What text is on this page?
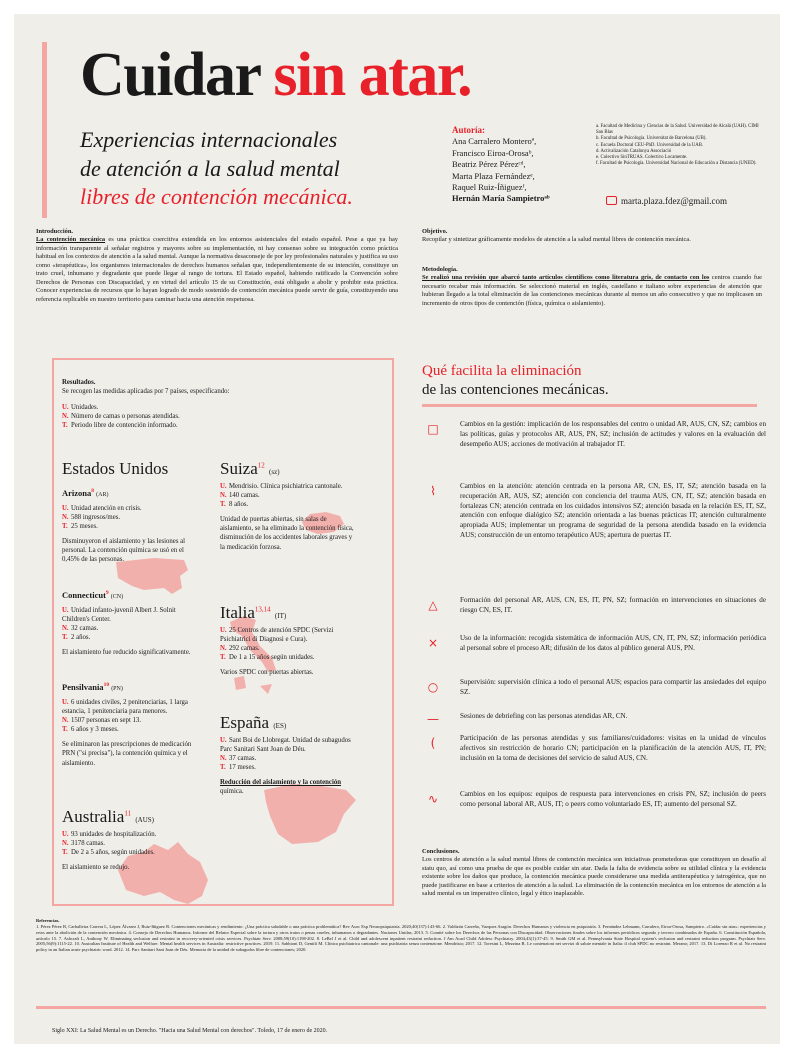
Cuidar sin atar.
Experiencias internacionales
de atención a la salud mental
libres de contención mecánica.
Autoría:
Ana Carralero Monteroª,
Francisco Eiroa-Orosaᵇ,
Beatriz Pérez Pérezᶜᵈ,
Marta Plaza Fernándezᵉ,
Raquel Ruiz-Íñiguezᶠ,
Hernán María Sampietroᵃᵇ
a. Facultad de Medicina y Ciencias de la Salud. Universidad de Alcalá (UAH). CIMI San Blas
b. Facultad de Psicología. Universitat de Barcelona (UB).
c. Escuela Doctoral CEU-PhD. Universidad de la UAB.
d. Activalización Catalunya Associació
e. Colectivo SinTRUAS. Colectivo Locamente.
f. Facultad de Psicología. Universidad Nacional de Educación a Distancia (UNED).
marta.plaza.fdez@gmail.com
Introducción.
La contención mecánica es una práctica coercitiva extendida en los entornos asistenciales del estado español. Pese a que ya hay información transparente al señalar registros y mayores sobre su implementación, ni hay consenso sobre su integración como práctica habitual en los contextos de atención a la salud mental. Aunque la normativa desaconseje de por ley profesionales naturales y justifica su uso como «terapéutica», los organismos internacionales de derechos humanos señalan que, independientemente de su intención, constituye un trato cruel, inhumano y degradante que puede llegar al rango de tortura. El Estado español, habiendo ratificado la Convención sobre Derechos de Personas con Discapacidad, y en virtud del artículo 15 de su Constitución, está obligado a abolir y prohibir esta práctica. Conocer experiencias de recursos que lo hayan logrado de modo sostenido de contención mecánica puede servir de guía, constituyendo una referencia replicable en nuestro territorio para caminar hacia una atención respetuosa.
Objetivo.
Recopilar y sintetizar gráficamente modelos de atención a la salud mental libres de contención mecánica.
Metodología.
Se realizó una revisión que abarcó tanto artículos científicos como literatura gris, de contacto con los centros cuando fue necesario recabar más información. Se seleccionó material en inglés, castellano e italiano sobre experiencias de atención que hubieran llegado a la total eliminación de las contenciones mecánicas durante al menos un año consecutivo y que no implicasen un incremento de otros tipos de contención (física, química o aislamiento).
Resultados.
Se recogen las medidas aplicadas por 7 países, especificando:
U. Unidades.
N. Número de camas o personas atendidas.
T. Periodo libre de contención informado.
Estados Unidos
Arizona$^8$ (AR)
U. Unidad atención en crisis.
N. 588 ingresos/mes.
T. 25 meses.
Disminuyeron el aislamiento y las lesiones al personal. La contención química se usó en el 0,45% de las personas.
Connecticut$^9$ (CN)
U. Unidad infanto-juvenil Albert J. Solnit Children's Center.
N. 32 camas.
T. 2 años.
El aislamiento fue reducido significativamente.
Pensilvania$^{10}$ (PN)
U. 6 unidades civiles, 2 penitenciarias, 1 larga estancia, 1 penitenciaria para menores.
N. 1507 personas en sept 13.
T. 6 años y 3 meses.
Se eliminaron las prescripciones de medicación PRN ("si precisa"), la contención química y el aislamiento.
Australia$^{11}$ (AUS)
U. 93 unidades de hospitalización.
N. 3178 camas.
T. De 2 a 5 años, según unidades.
El aislamiento se redujo.
Suiza$^{12}$ (sz)
U. Mendrisio. Clínica psichiatrica cantonale.
N. 140 camas.
T. 8 años.
Unidad de puertas abiertas, sin salas de aislamiento, se ha eliminado la contención física, disminución de los accidentes laborales graves y la medicación forzosa.
Italia$^{13,14}$ (IT)
U. 25 Centros de atención SPDC (Servizi Psichiatrici di Diagnosi e Cura).
N. 292 camas.
T. De 1 a 15 años según unidades.
Varios SPDC con puertas abiertas.
España (ES)
U. Sant Boi de Llobregat. Unidad de subagudos Parc Sanitari Sant Joan de Déu.
N. 37 camas.
T. 17 meses.
Reducción del aislamiento y la contención química.
Qué facilita la eliminación
de las contenciones mecánicas.
□	Cambios en la gestión: implicación de los responsables del centro o unidad AR, AUS, CN, SZ; cambios en las políticas, guías y protocolos AR, AUS, PN, SZ; inclusión de actitudes y valores en la evaluación del desempeño AUS; acciones de motivación al trabajador IT.
⌇	Cambios en la atención: atención centrada en la persona AR, CN, ES, IT, SZ; atención basada en la recuperación AR, AUS, SZ; atención con conciencia del trauma AUS, CN, IT, SZ; atención basada en fortalezas CN; atención centrada en los cuidados intensivos SZ; atención basada en la relación ES, IT, SZ, atención con enfoque dialógico SZ; atención orientada a las buenas prácticas IT; atención culturalmente apropiada AUS; implementar un programa de seguridad de la persona atendida basado en la evidencia AUS; construcción de un entorno terapéutico AUS; apertura de puertas IT.
△	Formación del personal AR, AUS, CN, ES, IT, PN, SZ; formación en intervenciones en situaciones de riesgo CN, ES, IT.
×	Uso de la información: recogida sistemática de información AUS, CN, IT, PN, SZ; información periódica al personal sobre el proceso AR; difusión de los datos al público general AUS, PN.
○	Supervisión: supervisión clínica a todo el personal AUS; espacios para compartir las ansiedades del equipo SZ.
—	Sesiones de debriefing con las personas atendidas AR, CN.
(	Participación de las personas atendidas y sus familiares/cuidadores: visitas en la unidad de vínculos afectivos sin restricción de horario CN; participación en la planificación de la atención AUS, IT, PN; inclusión en la toma de decisiones del servicio de salud AUS, CN.
∿	Cambios en los equipos: equipos de respuesta para intervenciones en crisis PN, SZ; inclusión de peers como personal laboral AR, AUS, IT; o peers como voluntariado ES, IT; aumento del personal SZ.
Conclusiones.
Los centros de atención a la salud mental libres de contención mecánica son iniciativas prometedoras que constituyen un desafío al statu quo, así como una prueba de que es posible cuidar sin atar. Dada la falta de evidencia sobre su utilidad clínica y la evidencia existente sobre los daños que produce, la contención mecánica puede considerarse una medida antiterapéutica y iatrogénica, que no puede justificarse en base a criterios de atención a la salud. La eliminación de la contención mecánica en los entornos de atención a la salud mental es un imperativo clínico, legal y ético inaplazable.
Referencias.
1. Pérez Pérez B, Carballeira Carrera L, López Álvarez J, Ruiz-Iñiguez R. Contenciones mecánicas y rendimiento: ¿Una práctica saludable o una práctica problemática? Rev Asoc Esp Neuropsiquiatría. 2020;40(137):143-66. 2. Valdizón Carreño, Vazquez Aragón. Derechos Humanos y violencia en psiquiatría. 3. Fernández Lehmann, Carralero, Eiroa-Orosa, Sampietro. «Cuidar sin atar»: experiencias y retos ante la abolición de la contención mecánica. 4. Consejo de Derechos Humanos. Informe del Relator Especial sobre la tortura y otros tratos o penas crueles, inhumanos o degradantes. Naciones Unidas; 2013. 5. Comité sobre los Derechos de las Personas con Discapacidad. Observaciones finales sobre los informes periódicos segundo y tercero combinados de España. 6. Constitución Española, artículo 15. 7. Ashcraft L, Anthony W. Eliminating seclusion and restraint in recovery-oriented crisis services. Psychiatr Serv. 2008;59(10):1198-202. 8. LeBel J et al. Child and adolescent inpatient restraint reduction. J Am Acad Child Adolesc Psychiatry. 2004;43(1):37-45. 9. Smith GM et al. Pennsylvania State Hospital system's seclusion and restraint reduction program. Psychiatr Serv. 2005;56(9):1115-22. 10. Australian Institute of Health and Welfare. Mental health services in Australia: restrictive practices. 2019. 11. Sabbioni D, Gentili M. Clínica psichiatrica cantonale: una psichiatria senza contenzione. Mendrisio; 2017. 12. Toresini L, Mezzina R. Le contenzioni nei servizi di salute mentale in Italia: il club SPDC no restraint. Merano; 2017. 13. Di Lorenzo R et al. No restraint policy in an Italian acute psychiatric ward. 2012. 14. Parc Sanitari Sant Joan de Déu. Memoria de la unidad de subagudos libre de contenciones; 2020.
Siglo XXI: La Salud Mental es un Derecho. "Hacia una Salud Mental con derechos". Toledo, 17 de enero de 2020.
